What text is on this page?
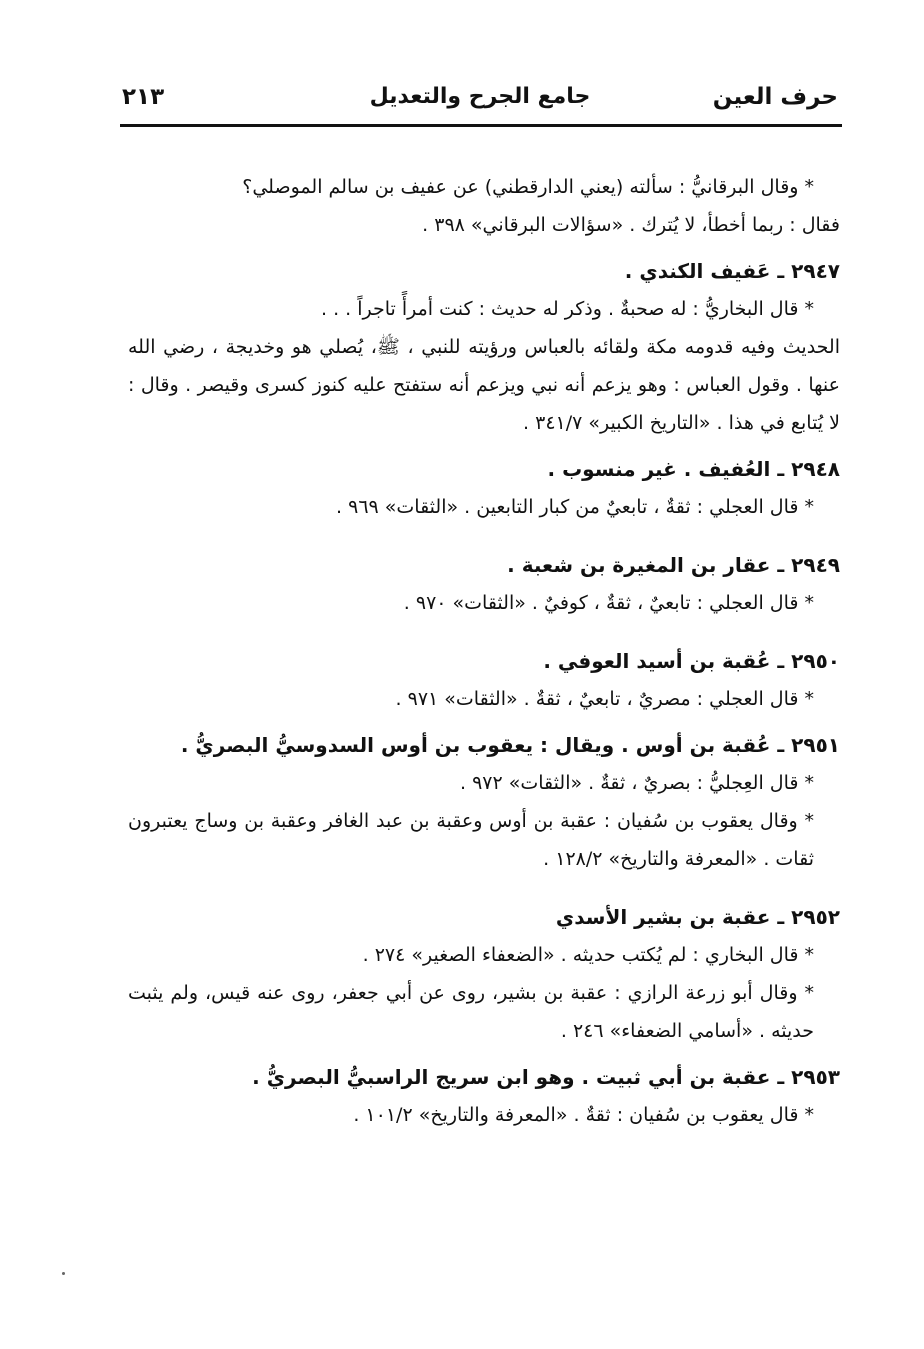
حرف العين
جامع الجرح والتعديل
٢١٣

* وقال البرقانيُّ : سألته (يعني الدارقطني) عن عفيف بن سالم الموصلي؟

فقال : ربما أخطأ، لا يُترك . «سؤالات البرقاني» ٣٩٨ .

٢٩٤٧ ـ عَفيف الكندي .

* قال البخاريُّ : له صحبةٌ . وذكر له حديث : كنت أمرأً تاجراً . . .

الحديث وفيه قدومه مكة ولقائه بالعباس ورؤيته للنبي ، ﷺ، يُصلي هو وخديجة ، رضي الله عنها . وقول العباس : وهو يزعم أنه نبي ويزعم أنه ستفتح عليه كنوز كسرى وقيصر . وقال : لا يُتابع في هذا . «التاريخ الكبير» ٣٤١/٧ .

٢٩٤٨ ـ العُفيف . غير منسوب .

* قال العجلي : ثقةٌ ، تابعيٌ من كبار التابعين . «الثقات» ٩٦٩ .

٢٩٤٩ ـ عقار بن المغيرة بن شعبة .

* قال العجلي : تابعيٌ ، ثقةٌ ، كوفيٌ . «الثقات» ٩٧٠ .

٢٩٥٠ ـ عُقبة بن أسيد العوفي .

* قال العجلي : مصريٌ ، تابعيٌ ، ثقةٌ . «الثقات» ٩٧١ .

٢٩٥١ ـ عُقبة بن أوس . ويقال : يعقوب بن أوس السدوسيُّ البصريُّ .

* قال العِجليُّ : بصريٌ ، ثقةٌ . «الثقات» ٩٧٢ .

* وقال يعقوب بن سُفيان : عقبة بن أوس وعقبة بن عبد الغافر وعقبة بن وساج يعتبرون ثقات . «المعرفة والتاريخ» ١٢٨/٢ .

٢٩٥٢ ـ عقبة بن بشير الأسدي

* قال البخاري : لم يُكتب حديثه . «الضعفاء الصغير» ٢٧٤ .

* وقال أبو زرعة الرازي : عقبة بن بشير، روى عن أبي جعفر، روى عنه قيس، ولم يثبت حديثه . «أسامي الضعفاء» ٢٤٦ .

٢٩٥٣ ـ عقبة بن أبي ثبيت . وهو ابن سريج الراسبيُّ البصريُّ .

* قال يعقوب بن سُفيان : ثقةٌ . «المعرفة والتاريخ» ١٠١/٢ .
